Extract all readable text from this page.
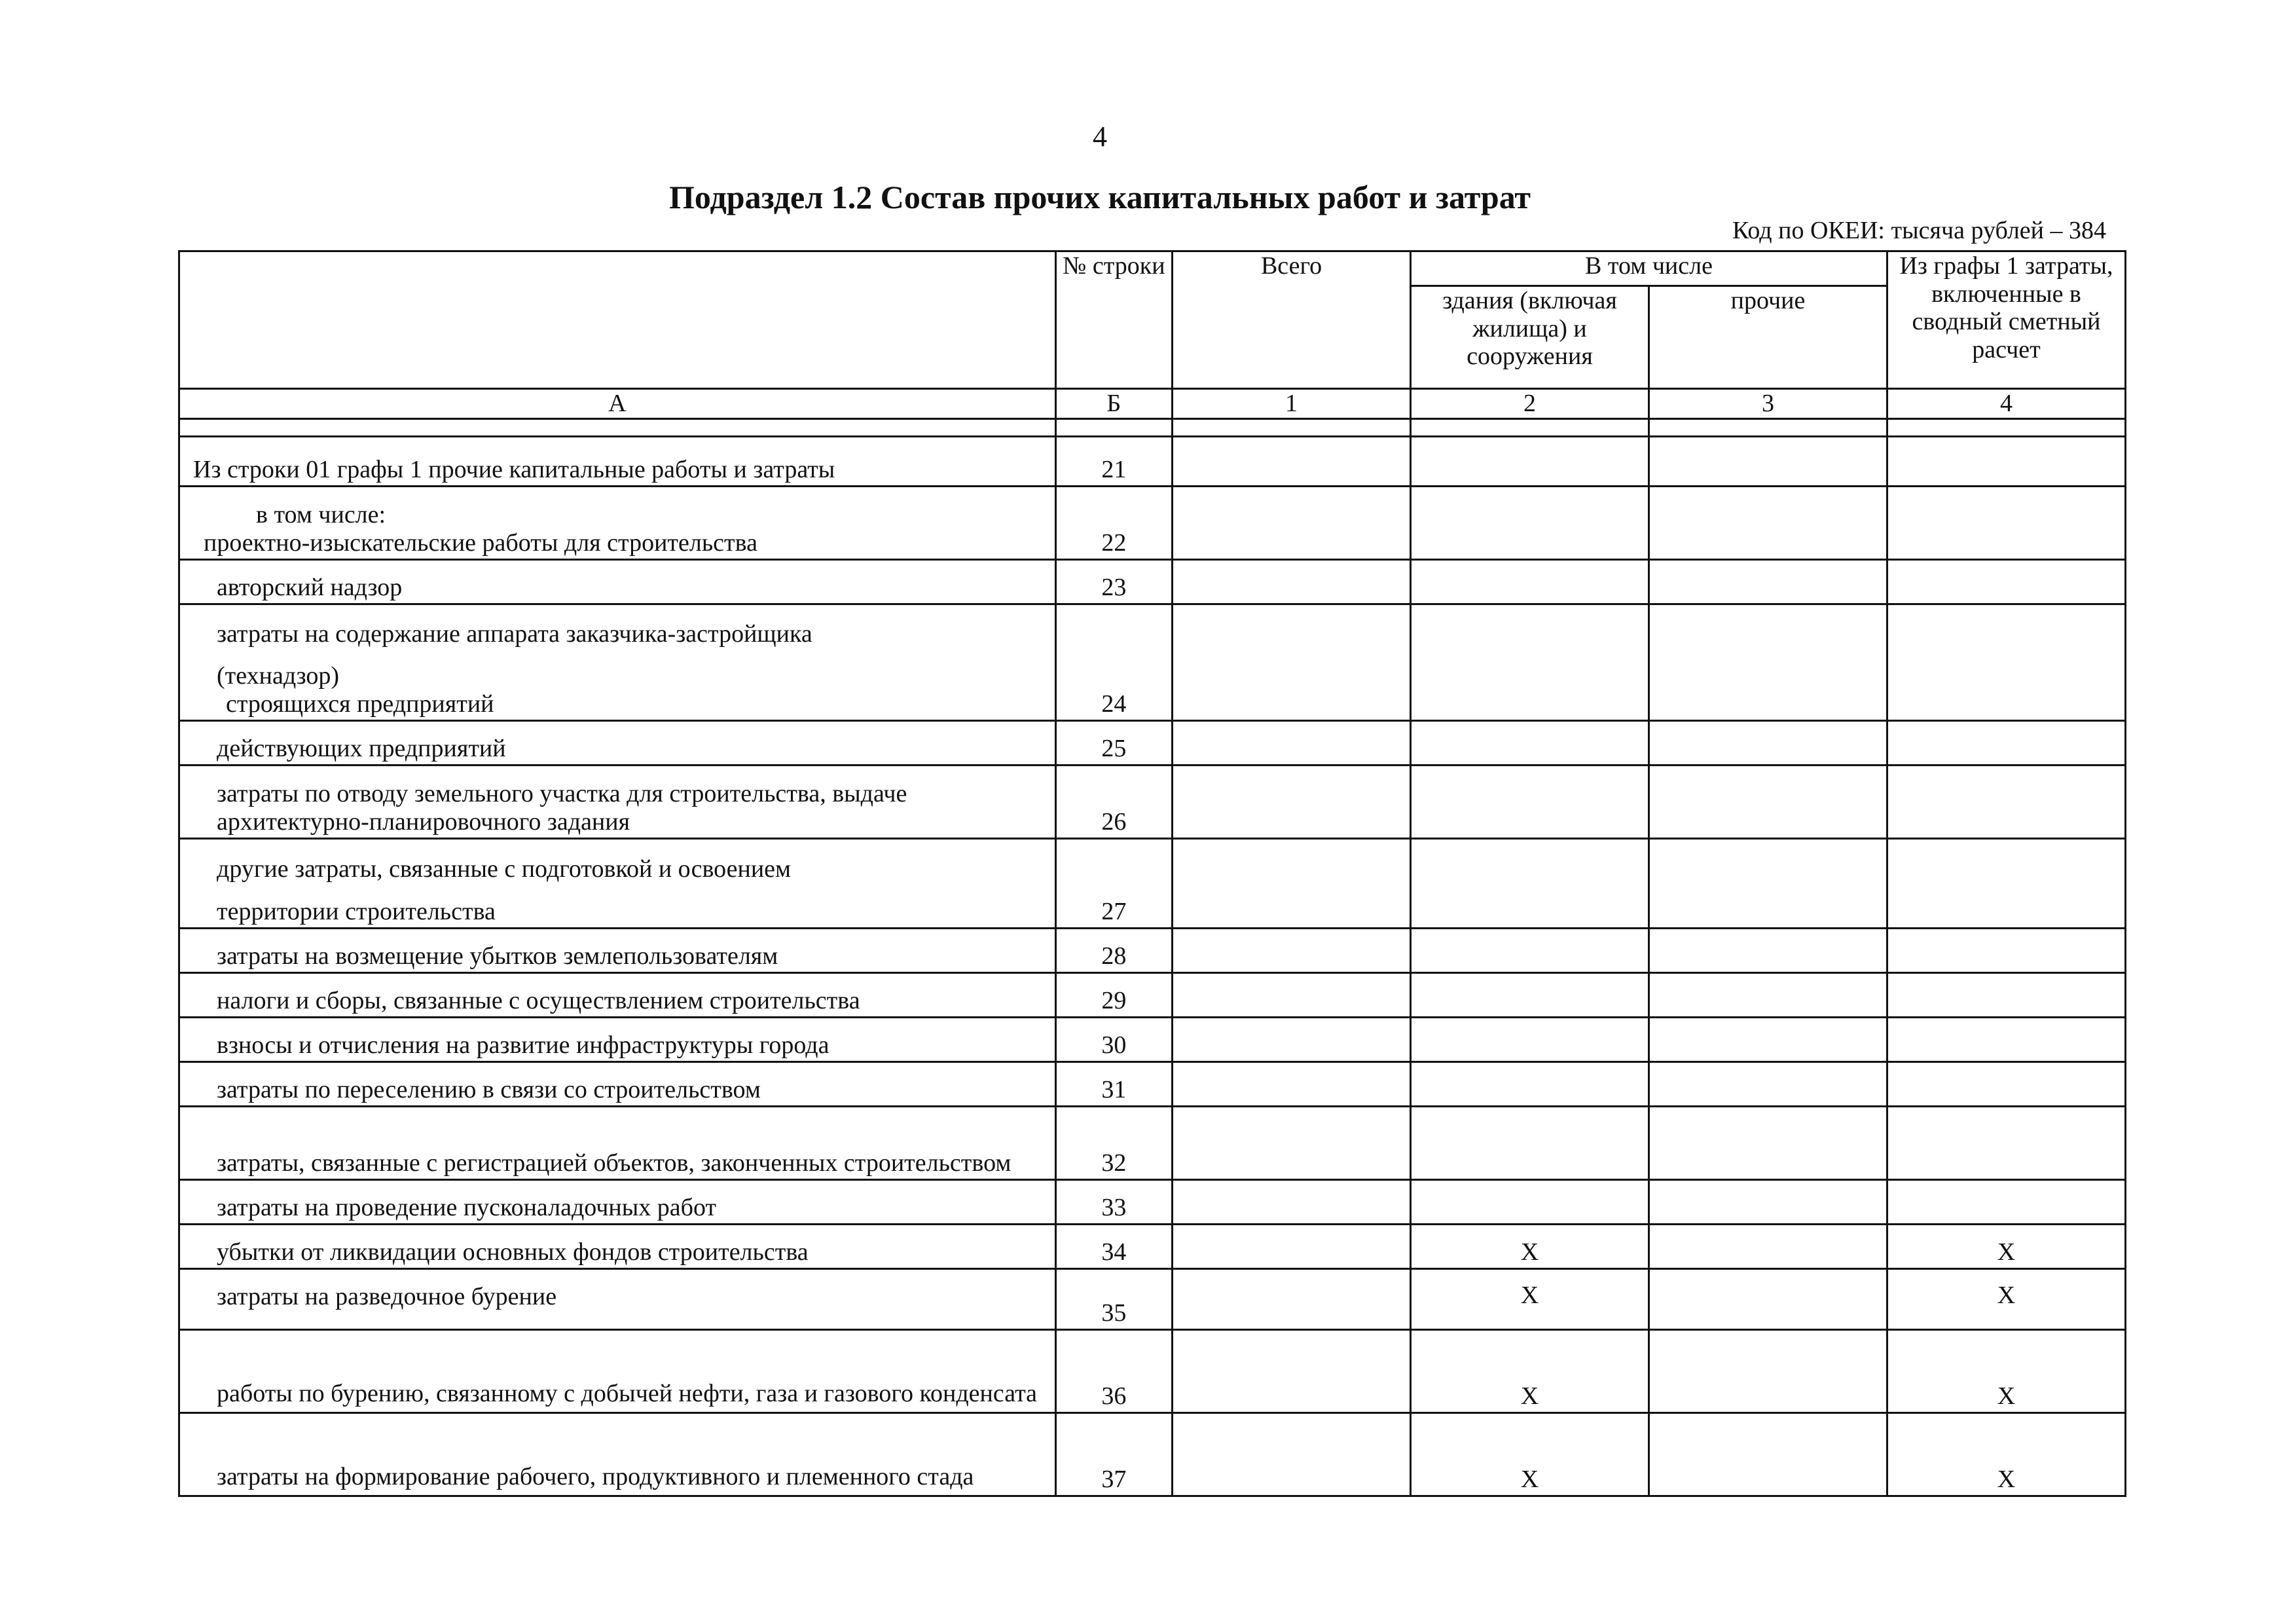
4
Подраздел 1.2 Состав прочих капитальных работ и затрат
Код по ОКЕИ: тысяча рублей – 384
	№ строки	Всего	В том числе		Из графы 1 затраты, включенные в сводный сметный расчет
			здания (включая жилища) и сооружения	прочие	
А	Б	1	2	3	4

Из строки 01 графы 1 прочие капитальные работы и затраты	21				

в том числе:
проектно-изыскательские работы для строительства	22				

авторский надзор	23				

затраты на содержание аппарата заказчика-застройщика
(технадзор)
строящихся предприятий	24				

действующих предприятий	25				

затраты по отводу земельного участка для строительства, выдаче архитектурно-планировочного задания	26				

другие затраты, связанные с подготовкой и освоением
территории строительства	27				

затраты на возмещение убытков землепользователям	28				

налоги и сборы, связанные с осуществлением строительства	29				

взносы и отчисления на развитие инфраструктуры города	30				

затраты по переселению в связи со строительством	31				

затраты, связанные с регистрацией объектов, законченных строительством	32				

затраты на проведение пусконаладочных работ	33				

убытки от ликвидации основных фондов строительства	34		X		X
затраты на разведочное бурение	35		X		X

работы по бурению, связанному с добычей нефти, газа и газового конденсата	36		X		X

затраты на формирование рабочего, продуктивного и племенного стада	37		X		X
